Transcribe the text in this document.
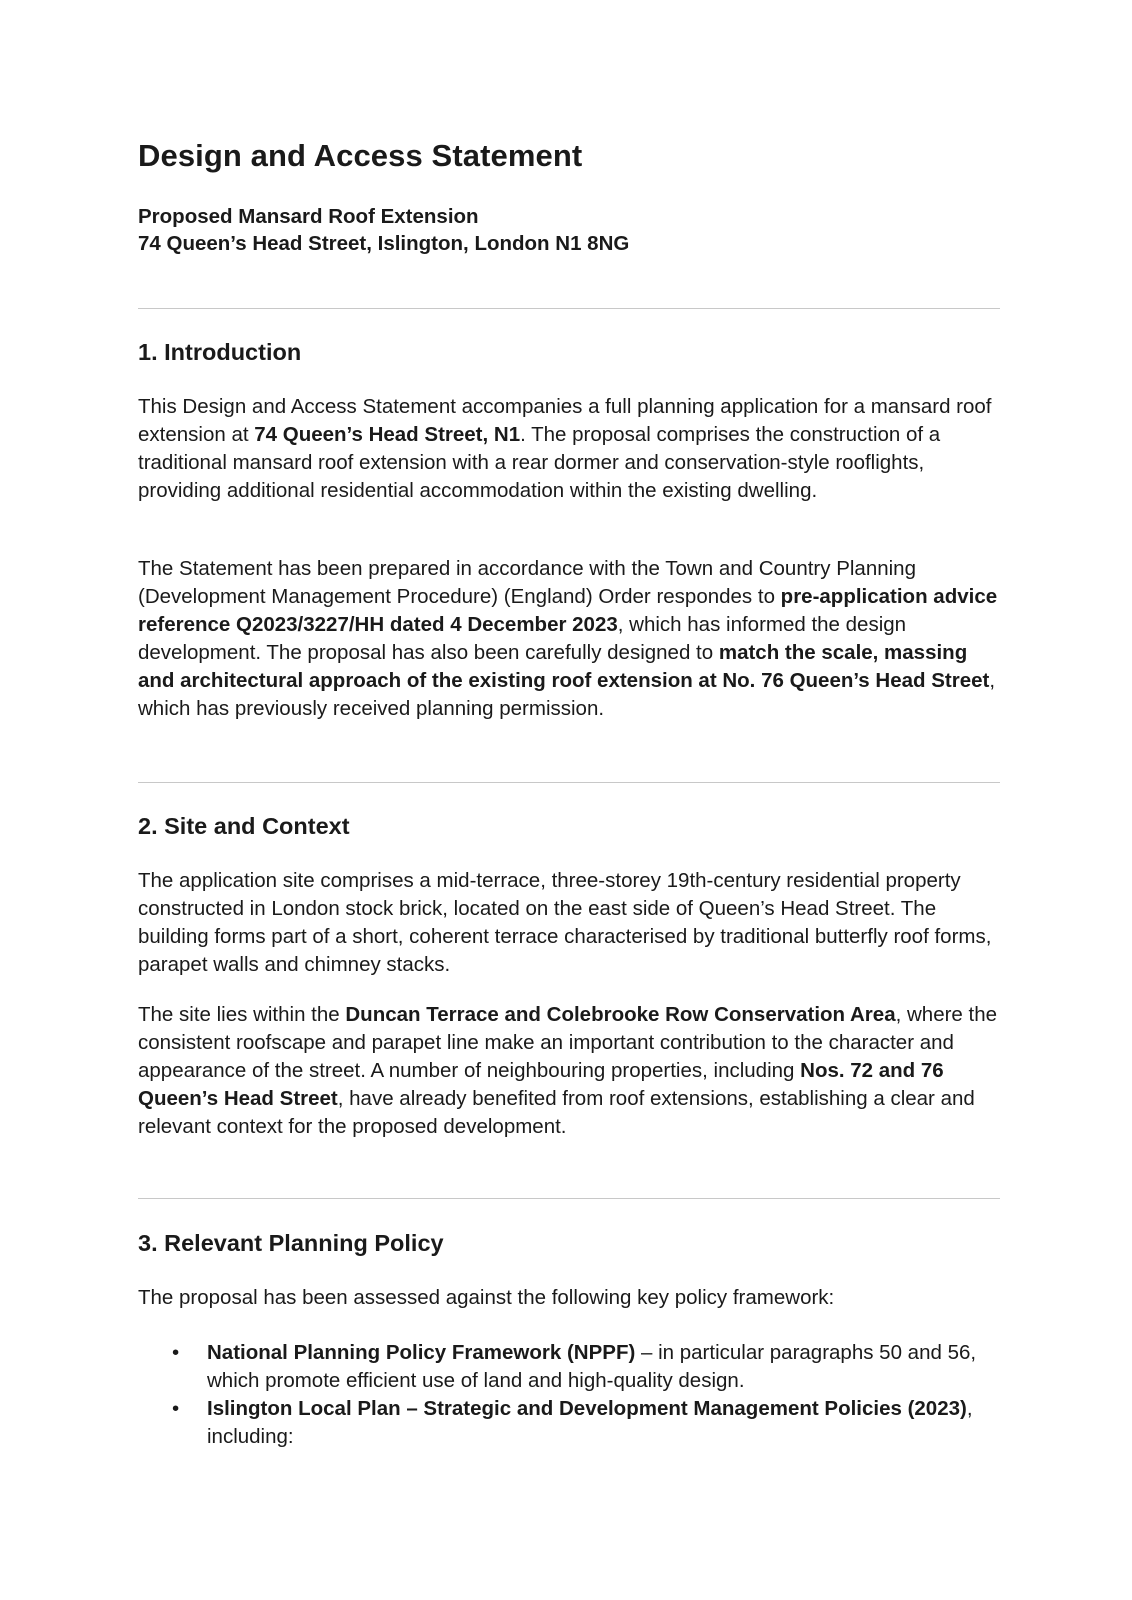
Design and Access Statement

Proposed Mansard Roof Extension

74 Queen’s Head Street, Islington, London N1 8NG

1. Introduction

This Design and Access Statement accompanies a full planning application for a mansard roof extension at 74 Queen’s Head Street, N1. The proposal comprises the construction of a traditional mansard roof extension with a rear dormer and conservation-style rooflights, providing additional residential accommodation within the existing dwelling.

The Statement has been prepared in accordance with the Town and Country Planning (Development Management Procedure) (England) Order respondes to pre-application advice reference Q2023/3227/HH dated 4 December 2023, which has informed the design development. The proposal has also been carefully designed to match the scale, massing and architectural approach of the existing roof extension at No. 76 Queen’s Head Street, which has previously received planning permission.

2. Site and Context

The application site comprises a mid-terrace, three-storey 19th-century residential property constructed in London stock brick, located on the east side of Queen’s Head Street. The building forms part of a short, coherent terrace characterised by traditional butterfly roof forms, parapet walls and chimney stacks.

The site lies within the Duncan Terrace and Colebrooke Row Conservation Area, where the consistent roofscape and parapet line make an important contribution to the character and appearance of the street. A number of neighbouring properties, including Nos. 72 and 76 Queen’s Head Street, have already benefited from roof extensions, establishing a clear and relevant context for the proposed development.

3. Relevant Planning Policy

The proposal has been assessed against the following key policy framework:

• National Planning Policy Framework (NPPF) – in particular paragraphs 50 and 56, which promote efficient use of land and high-quality design.
• Islington Local Plan – Strategic and Development Management Policies (2023), including:
